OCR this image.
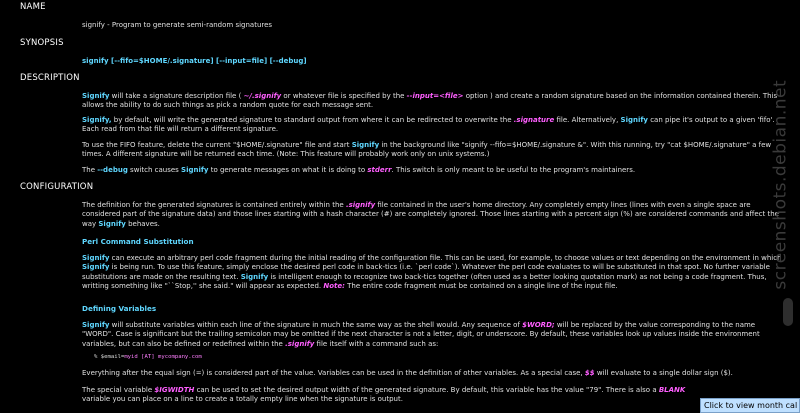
NAME
signify - Program to generate semi-random signatures
SYNOPSIS
signify [--fifo=$HOME/.signature] [--input=file] [--debug]
DESCRIPTION
Signify will take a signature description file ( ~/.signify or whatever file is specified by the --input=<file> option ) and create a random signature based on the information contained therein. This allows the ability to do such things as pick a random quote for each message sent.
Signify, by default, will write the generated signature to standard output from where it can be redirected to overwrite the .signature file. Alternatively, Signify can pipe it's output to a given 'fifo'. Each read from that file will return a different signature.
To use the FIFO feature, delete the current "$HOME/.signature" file and start Signify in the background like "signify --fifo=$HOME/.signature &". With this running, try "cat $HOME/.signature" a few times. A different signature will be returned each time. (Note: This feature will probably work only on unix systems.)
The --debug switch causes Signify to generate messages on what it is doing to stderr. This switch is only meant to be useful to the program's maintainers.
CONFIGURATION
The definition for the generated signatures is contained entirely within the .signify file contained in the user's home directory. Any completely empty lines (lines with even a single space are considered part of the signature data) and those lines starting with a hash character (#) are completely ignored. Those lines starting with a percent sign (%) are considered commands and affect the way Signify behaves.
Perl Command Substitution
Signify can execute an arbitrary perl code fragment during the initial reading of the configuration file. This can be used, for example, to choose values or text depending on the environment in which Signify is being run. To use this feature, simply enclose the desired perl code in back-tics (i.e. `perl code`). Whatever the perl code evaluates to will be substituted in that spot. No further variable substitutions are made on the resulting text. Signify is intelligent enough to recognize two back-tics together (often used as a better looking quotation mark) as not being a code fragment. Thus, writting something like "``Stop,'' she said." will appear as expected. Note: The entire code fragment must be contained on a single line of the input file.
Defining Variables
Signify will substitute variables within each line of the signature in much the same way as the shell would. Any sequence of $WORD; will be replaced by the value corresponding to the name "WORD". Case is significant but the trailing semicolon may be omitted if the next character is not a letter, digit, or underscore. By default, these variables look up values inside the environment variables, but can also be defined or redefined within the .signify file itself with a command such as:
% $email=myid [AT] mycompany.com
Everything after the equal sign (=) is considered part of the value. Variables can be used in the definition of other variables. As a special case, $$ will evaluate to a single dollar sign ($).
The special variable $IGWIDTH can be used to set the desired output width of the generated signature. By default, this variable has the value "79". There is also a BLANK variable you can place on a line to create a totally empty line when the signature is output.
screenshots.debian.net
Click to view month cal
